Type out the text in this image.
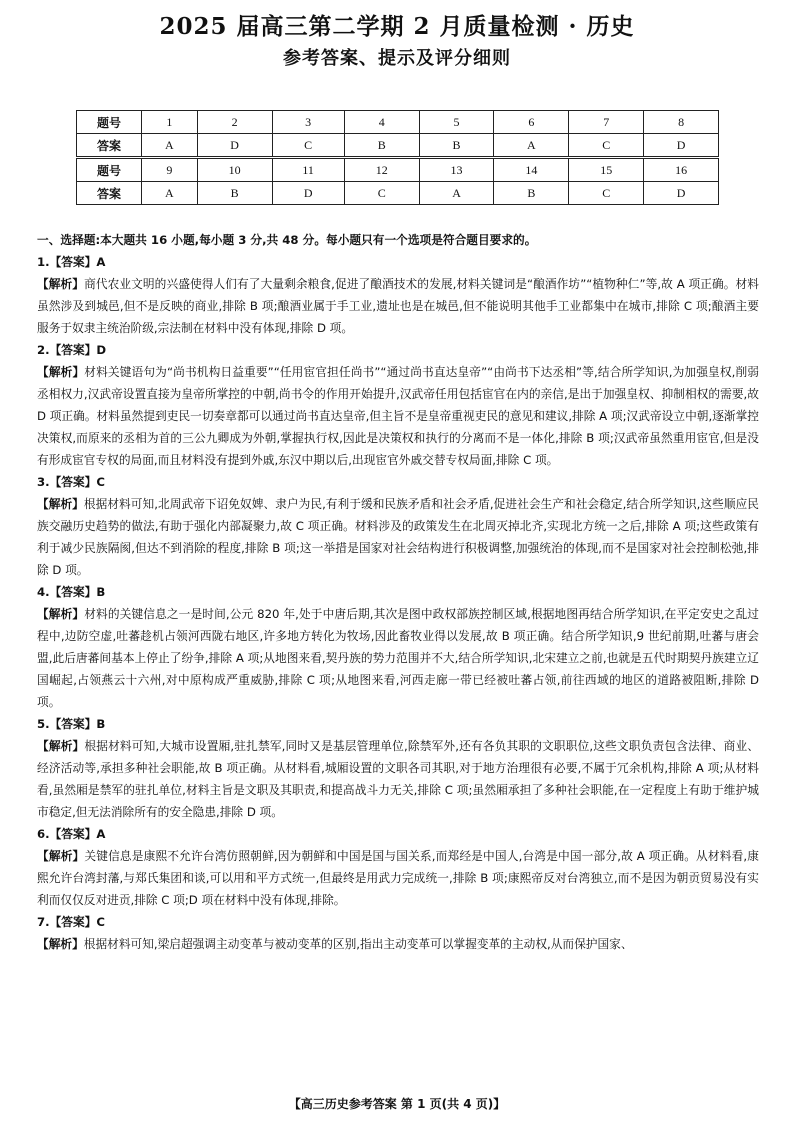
2025 届高三第二学期 2 月质量检测 · 历史
参考答案、提示及评分细则
题号	1	2	3	4	5	6	7	8
答案	A	D	C	B	B	A	C	D
题号	9	10	11	12	13	14	15	16
答案	A	B	D	C	A	B	C	D

一、选择题:本大题共 16 小题,每小题 3 分,共 48 分。每小题只有一个选项是符合题目要求的。

1.【答案】A

【解析】商代农业文明的兴盛使得人们有了大量剩余粮食,促进了酿酒技术的发展,材料关键词是“酿酒作坊”“植物种仁”等,故 A 项正确。材料虽然涉及到城邑,但不是反映的商业,排除 B 项;酿酒业属于手工业,遗址也是在城邑,但不能说明其他手工业都集中在城市,排除 C 项;酿酒主要服务于奴隶主统治阶级,宗法制在材料中没有体现,排除 D 项。

2.【答案】D

【解析】材料关键语句为“尚书机构日益重要”“任用宦官担任尚书”“通过尚书直达皇帝”“由尚书下达丞相”等,结合所学知识,为加强皇权,削弱丞相权力,汉武帝设置直接为皇帝所掌控的中朝,尚书令的作用开始提升,汉武帝任用包括宦官在内的亲信,是出于加强皇权、抑制相权的需要,故 D 项正确。材料虽然提到吏民一切奏章都可以通过尚书直达皇帝,但主旨不是皇帝重视吏民的意见和建议,排除 A 项;汉武帝设立中朝,逐渐掌控决策权,而原来的丞相为首的三公九卿成为外朝,掌握执行权,因此是决策权和执行的分离而不是一体化,排除 B 项;汉武帝虽然重用宦官,但是没有形成宦官专权的局面,而且材料没有提到外戚,东汉中期以后,出现宦官外戚交替专权局面,排除 C 项。

3.【答案】C

【解析】根据材料可知,北周武帝下诏免奴婢、隶户为民,有利于缓和民族矛盾和社会矛盾,促进社会生产和社会稳定,结合所学知识,这些顺应民族交融历史趋势的做法,有助于强化内部凝聚力,故 C 项正确。材料涉及的政策发生在北周灭掉北齐,实现北方统一之后,排除 A 项;这些政策有利于减少民族隔阂,但达不到消除的程度,排除 B 项;这一举措是国家对社会结构进行积极调整,加强统治的体现,而不是国家对社会控制松弛,排除 D 项。

4.【答案】B

【解析】材料的关键信息之一是时间,公元 820 年,处于中唐后期,其次是图中政权部族控制区域,根据地图再结合所学知识,在平定安史之乱过程中,边防空虚,吐蕃趁机占领河西陇右地区,许多地方转化为牧场,因此畜牧业得以发展,故 B 项正确。结合所学知识,9 世纪前期,吐蕃与唐会盟,此后唐蕃间基本上停止了纷争,排除 A 项;从地图来看,契丹族的势力范围并不大,结合所学知识,北宋建立之前,也就是五代时期契丹族建立辽国崛起,占领燕云十六州,对中原构成严重威胁,排除 C 项;从地图来看,河西走廊一带已经被吐蕃占领,前往西域的地区的道路被阻断,排除 D 项。

5.【答案】B

【解析】根据材料可知,大城市设置厢,驻扎禁军,同时又是基层管理单位,除禁军外,还有各负其职的文职职位,这些文职负责包含法律、商业、经济活动等,承担多种社会职能,故 B 项正确。从材料看,城厢设置的文职各司其职,对于地方治理很有必要,不属于冗余机构,排除 A 项;从材料看,虽然厢是禁军的驻扎单位,材料主旨是文职及其职责,和提高战斗力无关,排除 C 项;虽然厢承担了多种社会职能,在一定程度上有助于维护城市稳定,但无法消除所有的安全隐患,排除 D 项。

6.【答案】A

【解析】关键信息是康熙不允许台湾仿照朝鲜,因为朝鲜和中国是国与国关系,而郑经是中国人,台湾是中国一部分,故 A 项正确。从材料看,康熙允许台湾封藩,与郑氏集团和谈,可以用和平方式统一,但最终是用武力完成统一,排除 B 项;康熙帝反对台湾独立,而不是因为朝贡贸易没有实利而仅仅反对进贡,排除 C 项;D 项在材料中没有体现,排除。

7.【答案】C

【解析】根据材料可知,梁启超强调主动变革与被动变革的区别,指出主动变革可以掌握变革的主动权,从而保护国家、

【高三历史参考答案 第 1 页(共 4 页)】
